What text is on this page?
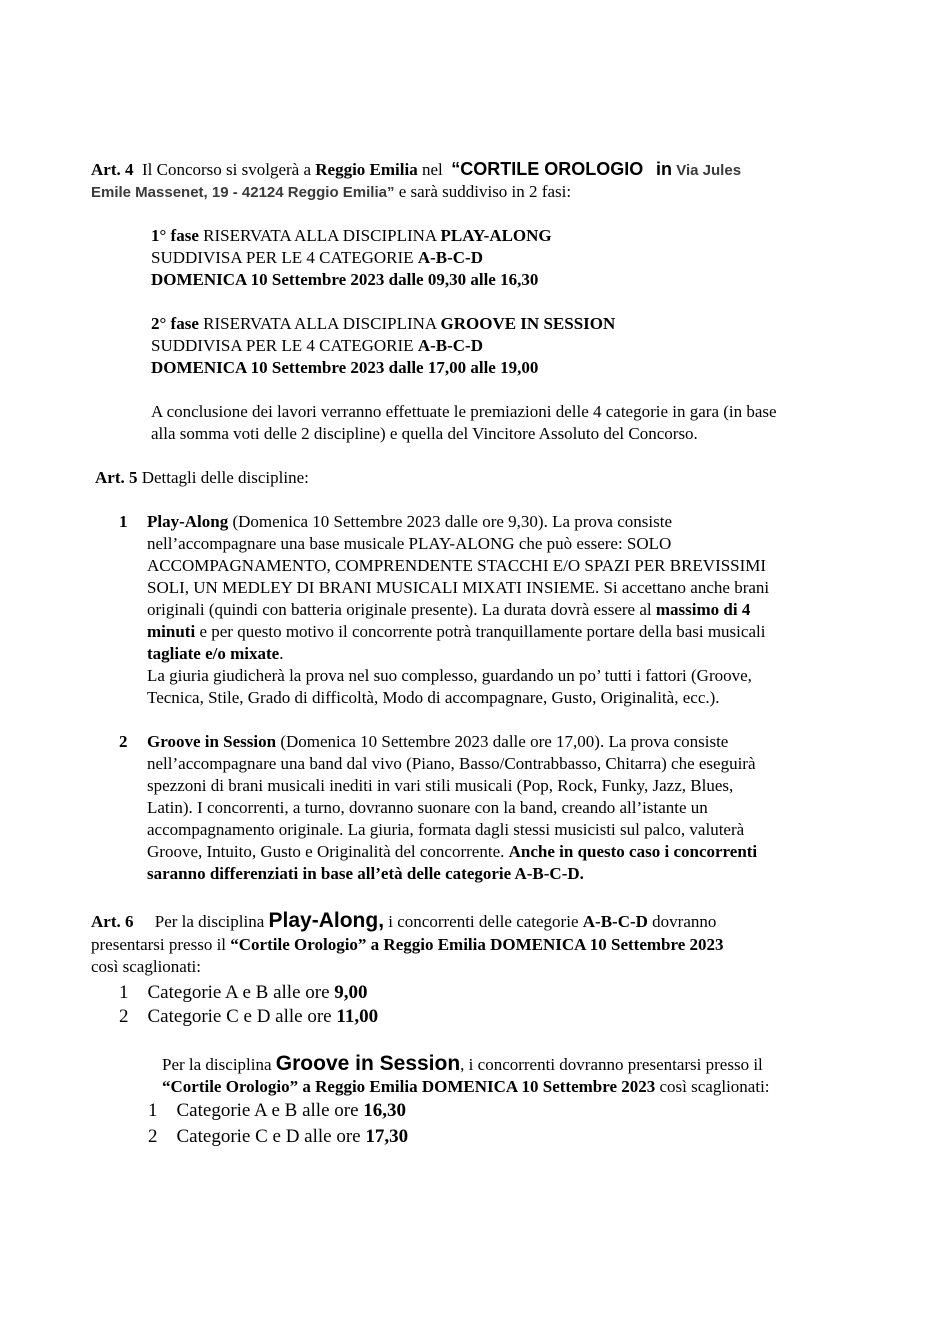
Art. 4 Il Concorso si svolgerà a Reggio Emilia nel “CORTILE OROLOGIO in Via Jules
Emile Massenet, 19 - 42124 Reggio Emilia” e sarà suddiviso in 2 fasi:
1° fase RISERVATA ALLA DISCIPLINA PLAY-ALONG
SUDDIVISA PER LE 4 CATEGORIE A-B-C-D
DOMENICA 10 Settembre 2023 dalle 09,30 alle 16,30
2° fase RISERVATA ALLA DISCIPLINA GROOVE IN SESSION
SUDDIVISA PER LE 4 CATEGORIE A-B-C-D
DOMENICA 10 Settembre 2023 dalle 17,00 alle 19,00
A conclusione dei lavori verranno effettuate le premiazioni delle 4 categorie in gara (in base
alla somma voti delle 2 discipline) e quella del Vincitore Assoluto del Concorso.
Art. 5 Dettagli delle discipline:
1 Play-Along (Domenica 10 Settembre 2023 dalle ore 9,30). La prova consiste
nell’accompagnare una base musicale PLAY-ALONG che può essere: SOLO
ACCOMPAGNAMENTO, COMPRENDENTE STACCHI E/O SPAZI PER BREVISSIMI
SOLI, UN MEDLEY DI BRANI MUSICALI MIXATI INSIEME. Si accettano anche brani
originali (quindi con batteria originale presente). La durata dovrà essere al massimo di 4
minuti e per questo motivo il concorrente potrà tranquillamente portare della basi musicali
tagliate e/o mixate.
La giuria giudicherà la prova nel suo complesso, guardando un po’ tutti i fattori (Groove,
Tecnica, Stile, Grado di difficoltà, Modo di accompagnare, Gusto, Originalità, ecc.).
2 Groove in Session (Domenica 10 Settembre 2023 dalle ore 17,00). La prova consiste
nell’accompagnare una band dal vivo (Piano, Basso/Contrabbasso, Chitarra) che eseguirà
spezzoni di brani musicali inediti in vari stili musicali (Pop, Rock, Funky, Jazz, Blues,
Latin). I concorrenti, a turno, dovranno suonare con la band, creando all’istante un
accompagnamento originale. La giuria, formata dagli stessi musicisti sul palco, valuterà
Groove, Intuito, Gusto e Originalità del concorrente. Anche in questo caso i concorrenti
saranno differenziati in base all’età delle categorie A-B-C-D.
Art. 6 Per la disciplina Play-Along, i concorrenti delle categorie A-B-C-D dovranno
presentarsi presso il “Cortile Orologio” a Reggio Emilia DOMENICA 10 Settembre 2023
così scaglionati:
1 Categorie A e B alle ore 9,00
2 Categorie C e D alle ore 11,00
Per la disciplina Groove in Session, i concorrenti dovranno presentarsi presso il
“Cortile Orologio” a Reggio Emilia DOMENICA 10 Settembre 2023 così scaglionati:
1 Categorie A e B alle ore 16,30
2 Categorie C e D alle ore 17,30
